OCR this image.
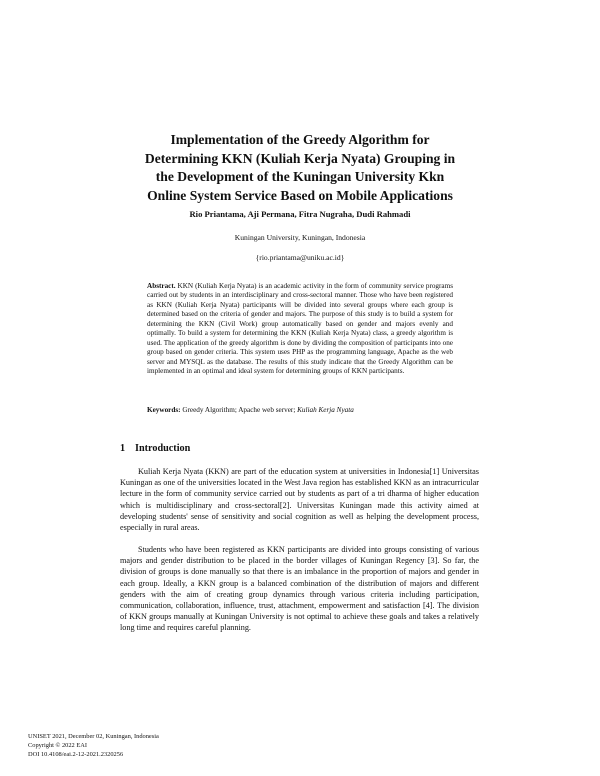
Implementation of the Greedy Algorithm for
Determining KKN (Kuliah Kerja Nyata) Grouping in
the Development of the Kuningan University Kkn
Online System Service Based on Mobile Applications

Rio Priantama, Aji Permana, Fitra Nugraha, Dudi Rahmadi

Kuningan University, Kuningan, Indonesia

{rio.priantama@uniku.ac.id}

Abstract. KKN (Kuliah Kerja Nyata) is an academic activity in the form of community service programs carried out by students in an interdisciplinary and cross-sectoral manner. Those who have been registered as KKN (Kuliah Kerja Nyata) participants will be divided into several groups where each group is determined based on the criteria of gender and majors. The purpose of this study is to build a system for determining the KKN (Civil Work) group automatically based on gender and majors evenly and optimally. To build a system for determining the KKN (Kuliah Kerja Nyata) class, a greedy algorithm is used. The application of the greedy algorithm is done by dividing the composition of participants into one group based on gender criteria. This system uses PHP as the programming language, Apache as the web server and MYSQL as the database. The results of this study indicate that the Greedy Algorithm can be implemented in an optimal and ideal system for determining groups of KKN participants.

Keywords: Greedy Algorithm; Apache web server; Kuliah Kerja Nyata

1 Introduction

Kuliah Kerja Nyata (KKN) are part of the education system at universities in Indonesia[1] Universitas Kuningan as one of the universities located in the West Java region has established KKN as an intracurricular lecture in the form of community service carried out by students as part of a tri dharma of higher education which is multidisciplinary and cross-sectoral[2]. Universitas Kuningan made this activity aimed at developing students' sense of sensitivity and social cognition as well as helping the development process, especially in rural areas.

Students who have been registered as KKN participants are divided into groups consisting of various majors and gender distribution to be placed in the border villages of Kuningan Regency [3]. So far, the division of groups is done manually so that there is an imbalance in the proportion of majors and gender in each group. Ideally, a KKN group is a balanced combination of the distribution of majors and different genders with the aim of creating group dynamics through various criteria including participation, communication, collaboration, influence, trust, attachment, empowerment and satisfaction [4]. The division of KKN groups manually at Kuningan University is not optimal to achieve these goals and takes a relatively long time and requires careful planning.

UNISET 2021, December 02, Kuningan, Indonesia
Copyright © 2022 EAI
DOI 10.4108/eai.2-12-2021.2320256
